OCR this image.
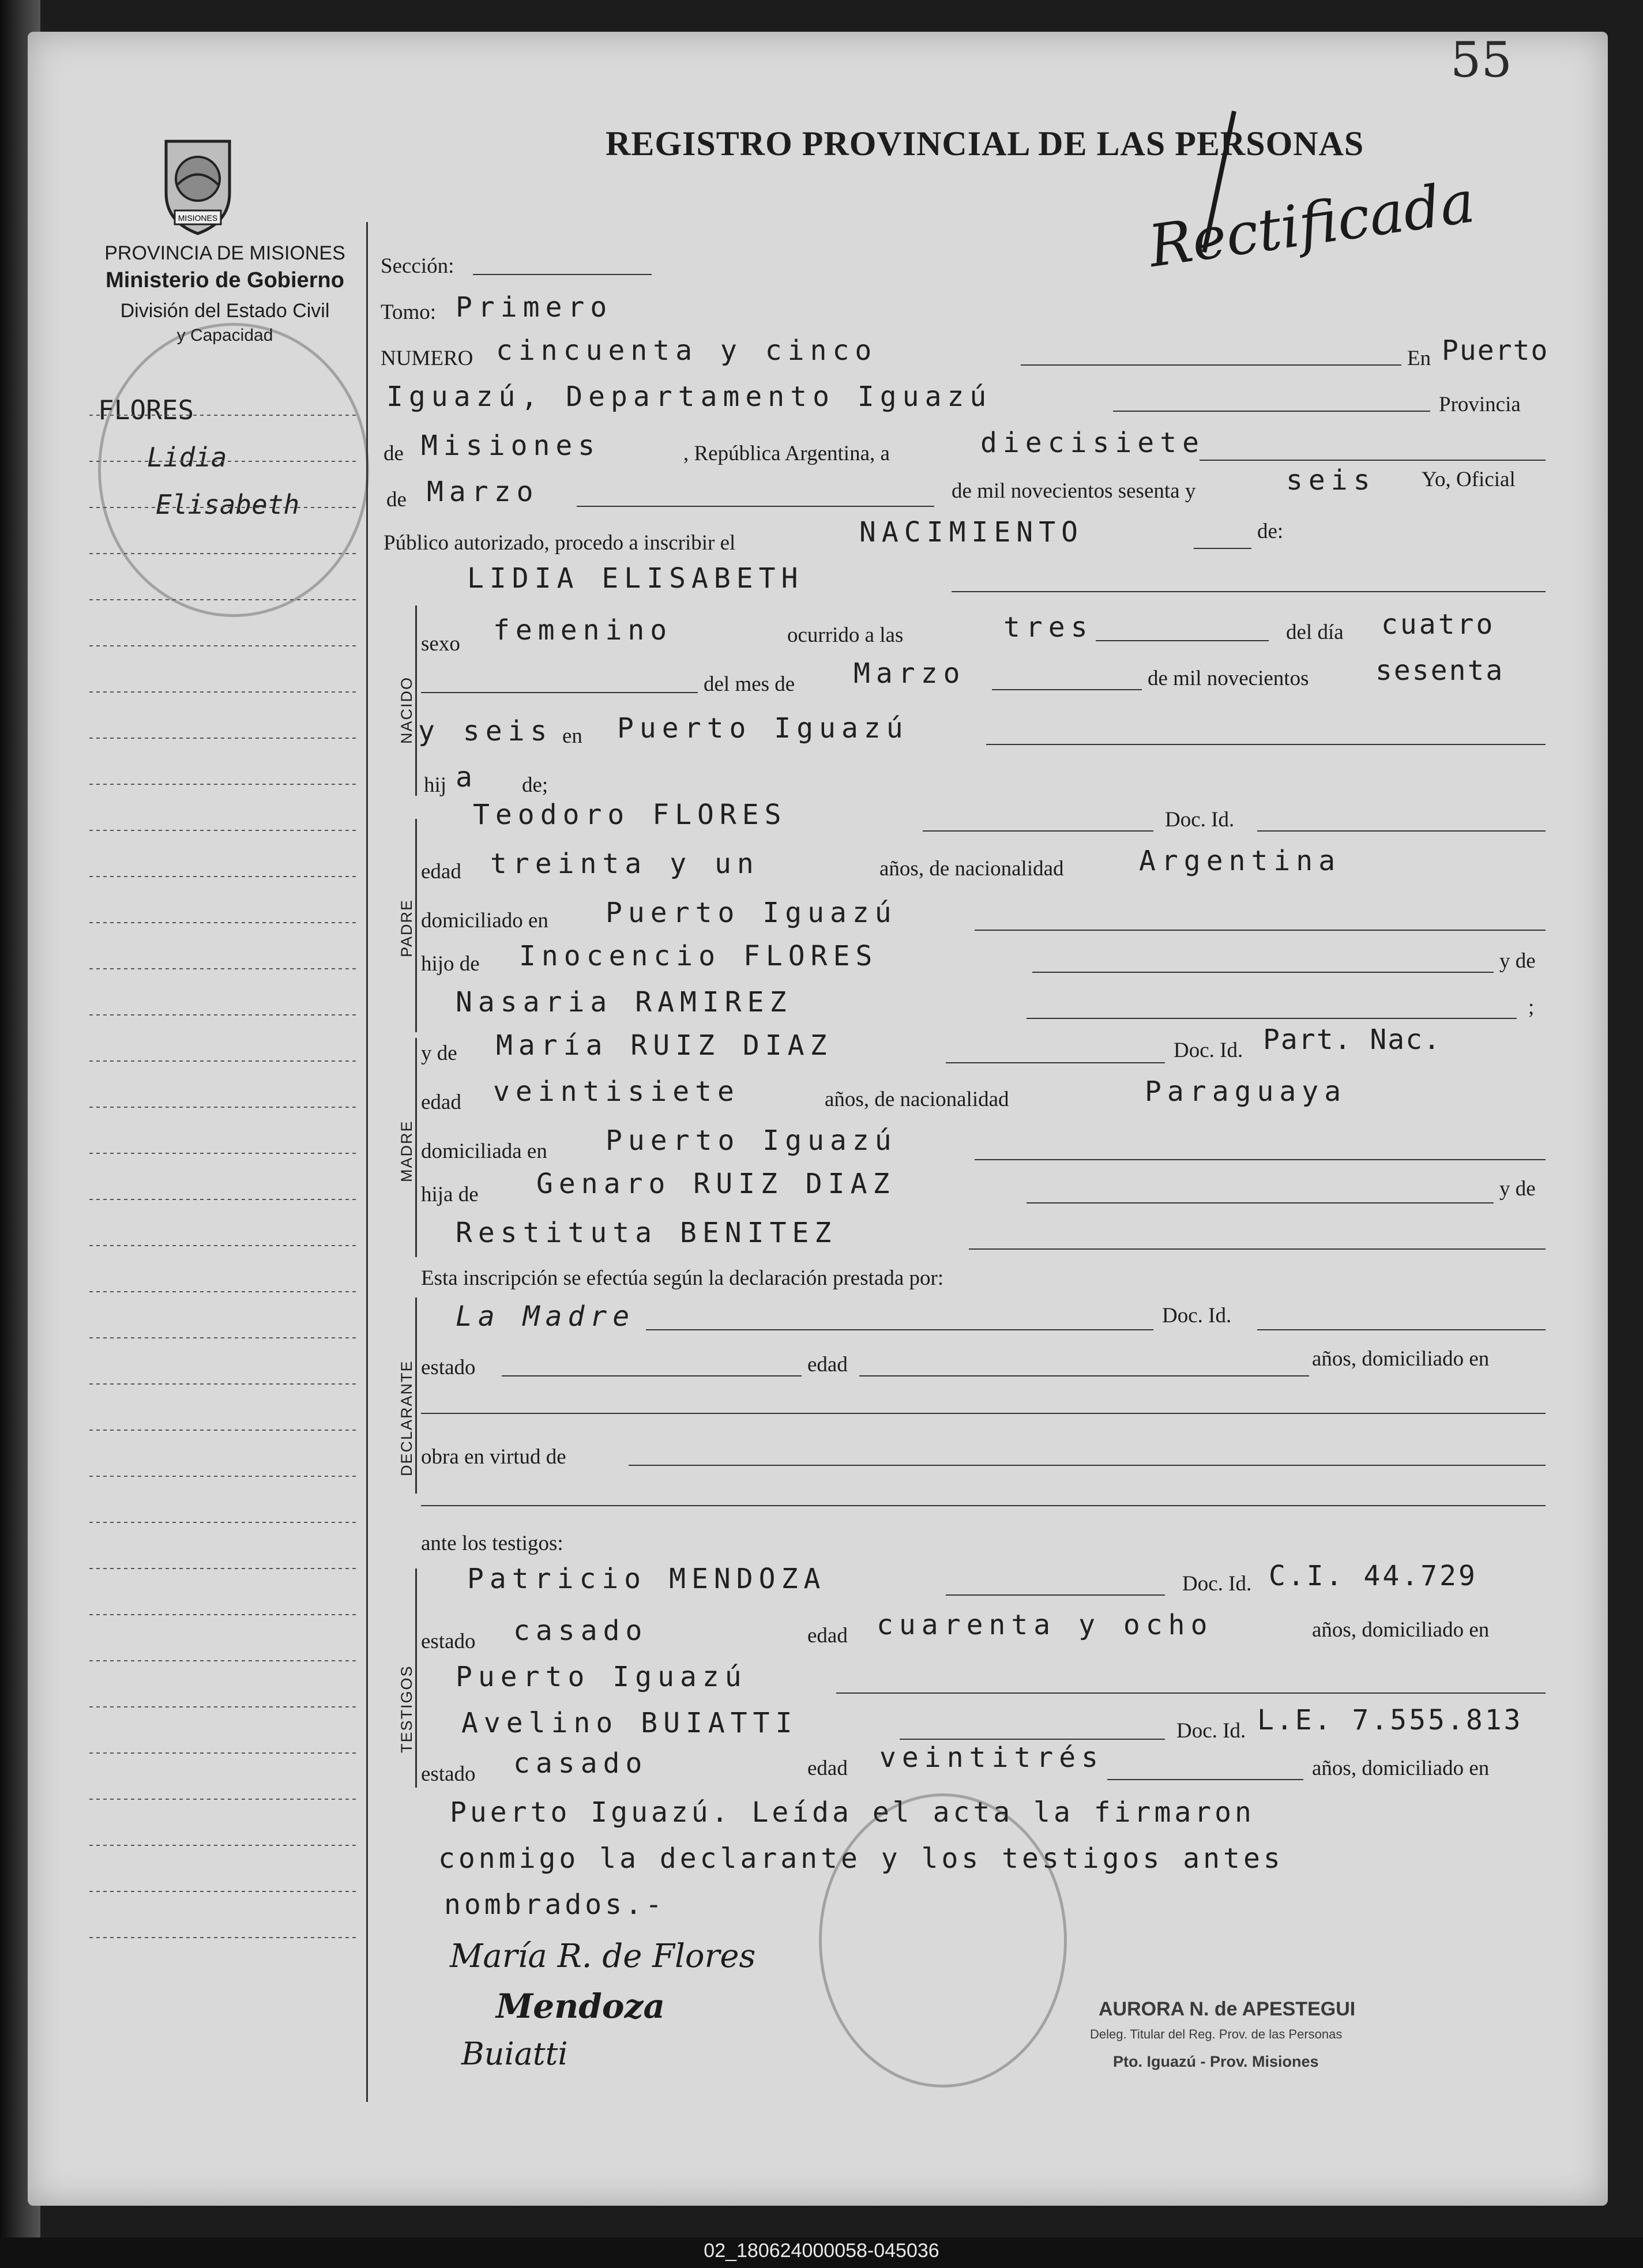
55
REGISTRO PROVINCIAL DE LAS PERSONAS
Rectificada
MISIONES
PROVINCIA DE MISIONES
Ministerio de Gobierno
División del Estado Civil
y Capacidad
FLORES
Lidia
Elisabeth
NACIDO
PADRE
MADRE
DECLARANTE
TESTIGOS
Sección:
Tomo: Primero
NUMERO cincuenta y cinco	En Puerto
Iguazú, Departamento Iguazú	Provincia
de Misiones	, República Argentina, a	diecisiete
de Marzo	de mil novecientos sesenta y	seis Yo, Oficial
Público autorizado, procedo a inscribir el	NACIMIENTO	de:
LIDIA ELISABETH
sexo femenino	ocurrido a las	tres	del día cuatro
del mes de Marzo	de mil novecientos sesenta
y seis en Puerto Iguazú
hij a de;
Teodoro FLORES	Doc. Id.
edad treinta y un	años, de nacionalidad	Argentina
domiciliado en Puerto Iguazú
hijo de Inocencio FLORES	y de
Nasaria RAMIREZ	;
y de María RUIZ DIAZ	Doc. Id. Part. Nac.
edad veintisiete	años, de nacionalidad	Paraguaya
domiciliada en Puerto Iguazú
hija de Genaro RUIZ DIAZ	y de
Restituta BENITEZ
Esta inscripción se efectúa según la declaración prestada por:
La Madre	Doc. Id.
estado	edad	años, domiciliado en
obra en virtud de
ante los testigos:
Patricio MENDOZA	Doc. Id. C.I. 44.729
estado casado	edad cuarenta y ocho	años, domiciliado en
Puerto Iguazú
Avelino BUIATTI	Doc. Id. L.E. 7.555.813
estado casado	edad veintitrés	años, domiciliado en
Puerto Iguazú. Leída el acta la firmaron
conmigo la declarante y los testigos antes
nombrados.-
María R. de Flores
Mendoza
Buiatti
AURORA N. de APESTEGUI
Deleg. Titular del Reg. Prov. de las Personas
Pto. Iguazú - Prov. Misiones
02_180624000058-045036
